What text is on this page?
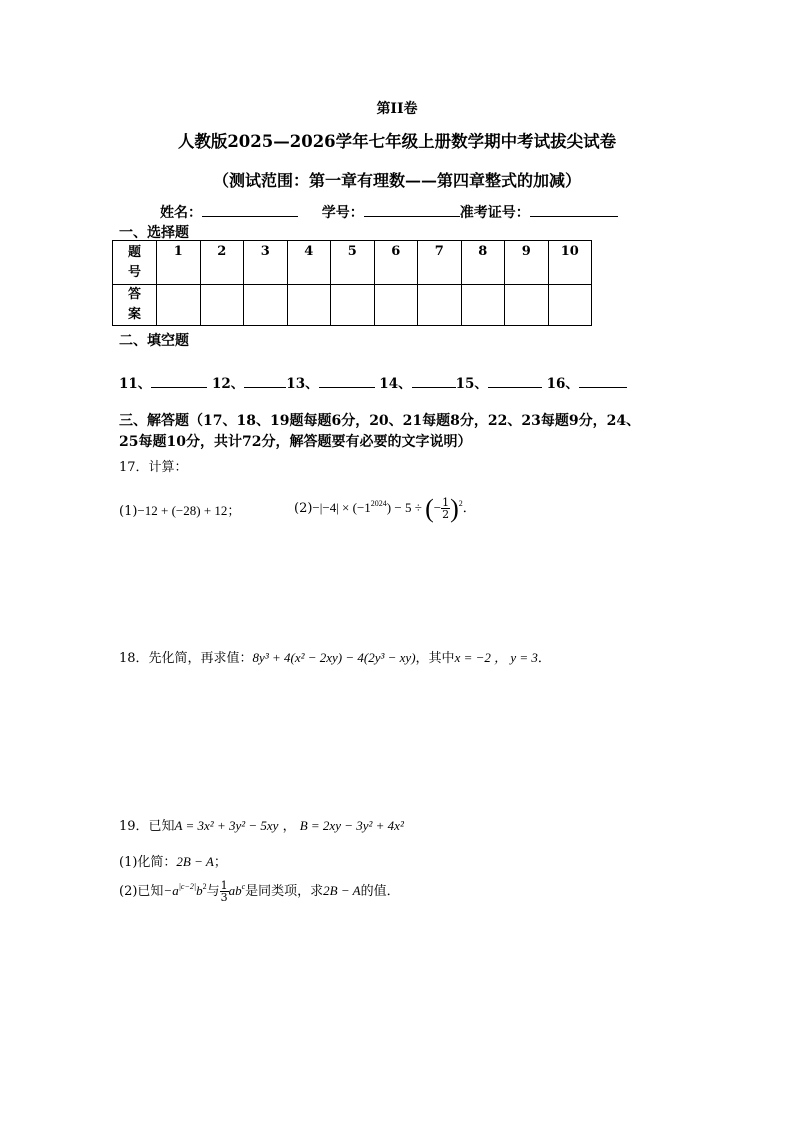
第II卷
人教版2025—2026学年七年级上册数学期中考试拔尖试卷
（测试范围：第一章有理数——第四章整式的加减）
姓名：	学号：	准考证号：
一、选择题
题
号	1	2	3	4	5	6	7	8	9	10

答
案										

二、填空题
11、	12、	13、	14、	15、	16、
三、解答题（17、18、19题每题6分，20、21每题8分，22、23每题9分，24、
25每题10分，共计72分，解答题要有必要的文字说明）
17．计算：
(1)−12 + (−28) + 12；	$(2)-|-4| \times (-1^{2024}) - 5$ ÷ (− $\frac{1}{2} )^2$．
18．先化简，再求值：8y³ + 4(x² − 2xy) − 4(2y³ − xy)，其中x = −2 ， y = 3．
19．已知A = 3x² + 3y² − 5xy ， B = 2xy − 3y² + 4x²
(1)化简：2B − A；
(2)已知$-a^{|c-2|}b^2$与 $\frac{1}{3} ab^c$是同类项，求2B − A的值．
